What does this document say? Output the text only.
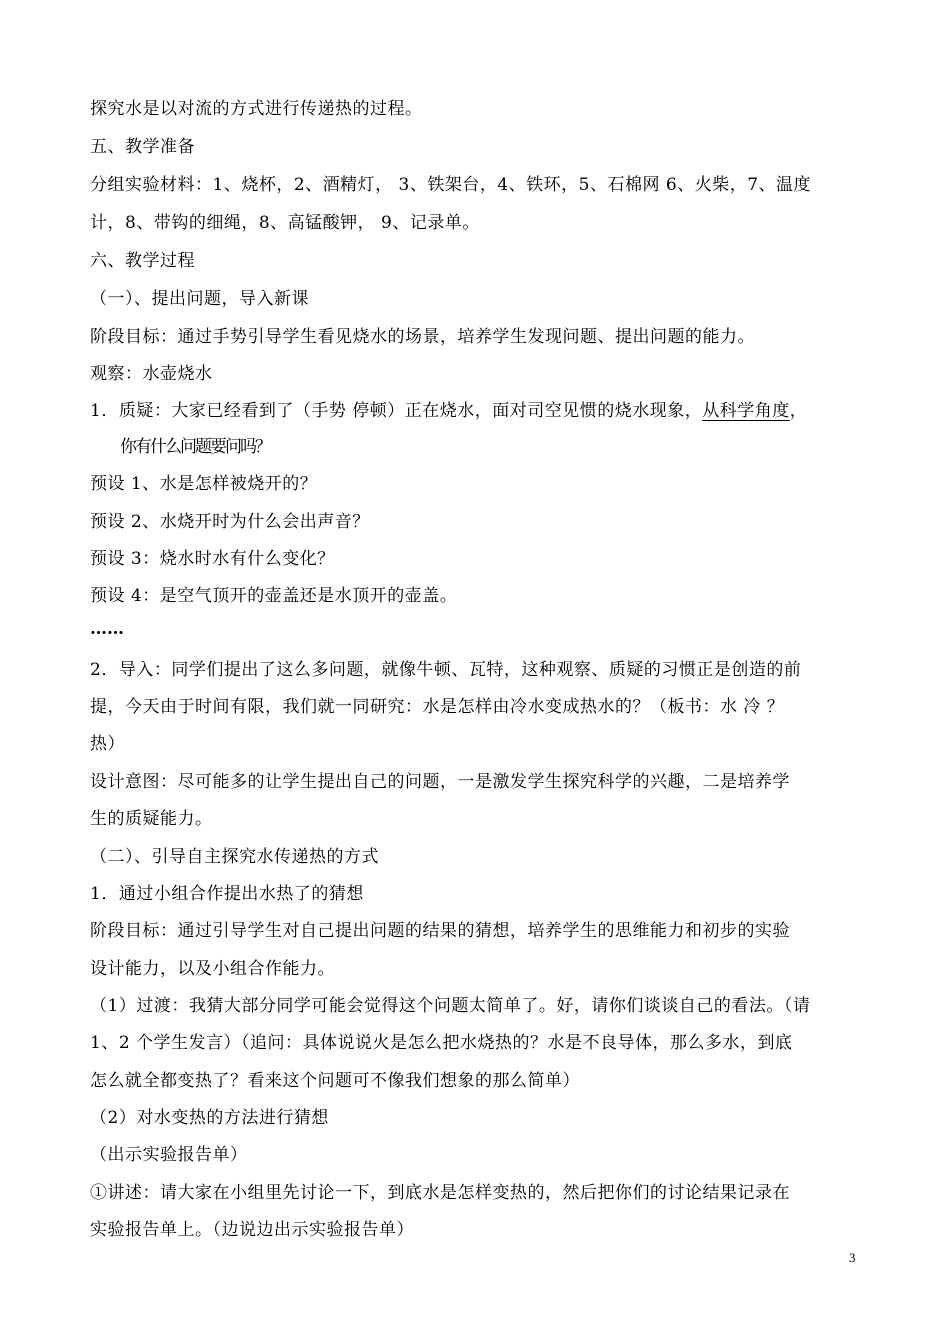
探究水是以对流的方式进行传递热的过程。
五、教学准备
分组实验材料：1、烧杯，2、酒精灯， 3、铁架台，4、铁环，5、石棉网 6、火柴，7、温度
计，8、带钩的细绳，8、高锰酸钾， 9、记录单。
六、教学过程
（一）、提出问题，导入新课
阶段目标：通过手势引导学生看见烧水的场景，培养学生发现问题、提出问题的能力。
观察：水壶烧水
1．质疑：大家已经看到了（手势 停顿）正在烧水，面对司空见惯的烧水现象，从科学角度，
你有什么问题要问吗？
预设 1、水是怎样被烧开的？
预设 2、水烧开时为什么会出声音？
预设 3：烧水时水有什么变化？
预设 4：是空气顶开的壶盖还是水顶开的壶盖。
……
2．导入：同学们提出了这么多问题，就像牛顿、瓦特，这种观察、质疑的习惯正是创造的前
提，今天由于时间有限，我们就一同研究：水是怎样由冷水变成热水的？（板书：水 冷 ？
热）
设计意图：尽可能多的让学生提出自己的问题，一是激发学生探究科学的兴趣，二是培养学
生的质疑能力。
（二）、引导自主探究水传递热的方式
1．通过小组合作提出水热了的猜想
阶段目标：通过引导学生对自己提出问题的结果的猜想，培养学生的思维能力和初步的实验
设计能力，以及小组合作能力。
（1）过渡：我猜大部分同学可能会觉得这个问题太简单了。好，请你们谈谈自己的看法。（请
1、2 个学生发言）（追问：具体说说火是怎么把水烧热的？水是不良导体，那么多水，到底
怎么就全都变热了？看来这个问题可不像我们想象的那么简单）
（2）对水变热的方法进行猜想
（出示实验报告单）
①讲述：请大家在小组里先讨论一下，到底水是怎样变热的，然后把你们的讨论结果记录在
实验报告单上。（边说边出示实验报告单）
3
